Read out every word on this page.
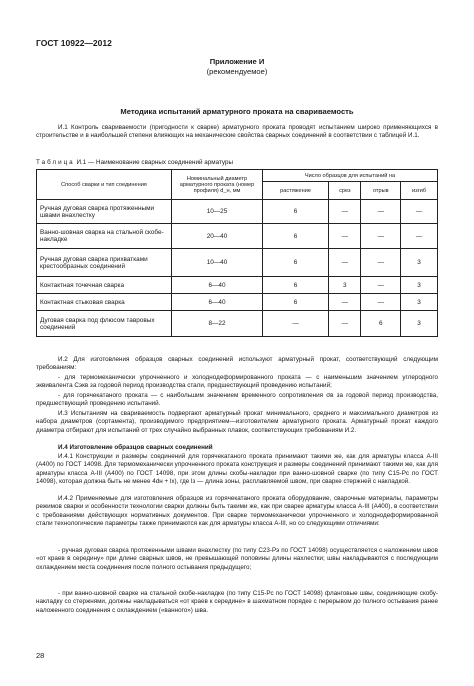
ГОСТ 10922—2012
Приложение И
(рекомендуемое)
Методика испытаний арматурного проката на свариваемость
И.1 Контроль свариваемости (пригодности к сварке) арматурного проката проводят испытанием широко применяющихся в строительстве и в наибольшей степени влияющих на механические свойства сварных соединений в соответствии с таблицей И.1.
Таблица И.1 — Наименование сварных соединений арматуры
Способ сварки и тип соединения	Номинальный диаметр арматурного проката (номер профиля) d_н, мм	Число образцов для испытаний на			
		растяжение	срез	отрыв	изгиб
Ручная дуговая сварка протяженными швами внахлестку	10—25	6	—	—	—
Ванно-шовная сварка на стальной скобе-накладке	20—40	6	—	—	—
Ручная дуговая сварка прихватками крестообразных соединений	10—40	6	—	—	3
Контактная точечная сварка	6—40	6	3	—	3
Контактная стыковая сварка	6—40	6	—	—	3
Дуговая сварка под флюсом тавровых соединений	8—22	—	—	6	3
И.2 Для изготовления образцов сварных соединений используют арматурный прокат, соответствующий следующим требованиям:
- для термомеханически упрочненного и холоднодеформированного проката — с наименьшим значением углеродного эквивалента Сэкв за годовой период производства стали, предшествующий проведению испытаний;
- для горячекатаного проката — с наибольшим значением временного сопротивления σв за годовой период производства, предшествующий проведению испытаний.
И.3 Испытаниям на свариваемость подвергают арматурный прокат минимального, среднего и максимального диаметров из набора диаметров (сортамента), производимого предприятием—изготовителем арматурного проката. Арматурный прокат каждого диаметра отбирают для испытаний от трех случайно выбранных плавок, соответствующих требованиям И.2.
И.4 Изготовление образцов сварных соединений
И.4.1 Конструкции и размеры соединений для горячекатаного проката принимают такими же, как для арматуры класса А-III (А400) по ГОСТ 14098. Для термомеханически упрочненного проката конструкция и размеры соединений принимают такими же, как для арматуры класса А-III (А400) по ГОСТ 14098, при этом длины скобы-накладки при ванно-шовной сварке (по типу С15-Рс по ГОСТ 14098), которая должна быть не менее 4dн + lх), где lз — длина зоны, расплавляемой швом, при сварке стержней с накладкой.
И.4.2 Применяемые для изготовления образцов из горячекатаного проката оборудование, сварочные материалы, параметры режимов сварки и особенности технологии сварки должны быть такими же, как при сварке арматуры класса А-III (А400), в соответствии с требованиями действующих нормативных документов. При сварке термомеханически упрочненного и холоднодеформированной стали технологические параметры также принимаются как для арматуры класса А-III, но со следующими отличиями:
- ручная дуговая сварка протяженными швами внахлестку (по типу С23-Рэ по ГОСТ 14098) осуществляется с наложением швов «от краев в середину» при длине сварных швов, не превышающей половины длины нахлестки; швы накладываются с последующим охлаждением места соединения после полного остывания предыдущего;
- при ванно-шовной сварке на стальной скобе-накладке (по типу С15-Рс по ГОСТ 14098) фланговые швы, соединяющие скобу-накладку со стержнями, должны накладываться «от краев к середине» в шахматном порядке с перерывом до полного остывания ранее наложенного соединения с охлаждением («ванного») шва.
28
